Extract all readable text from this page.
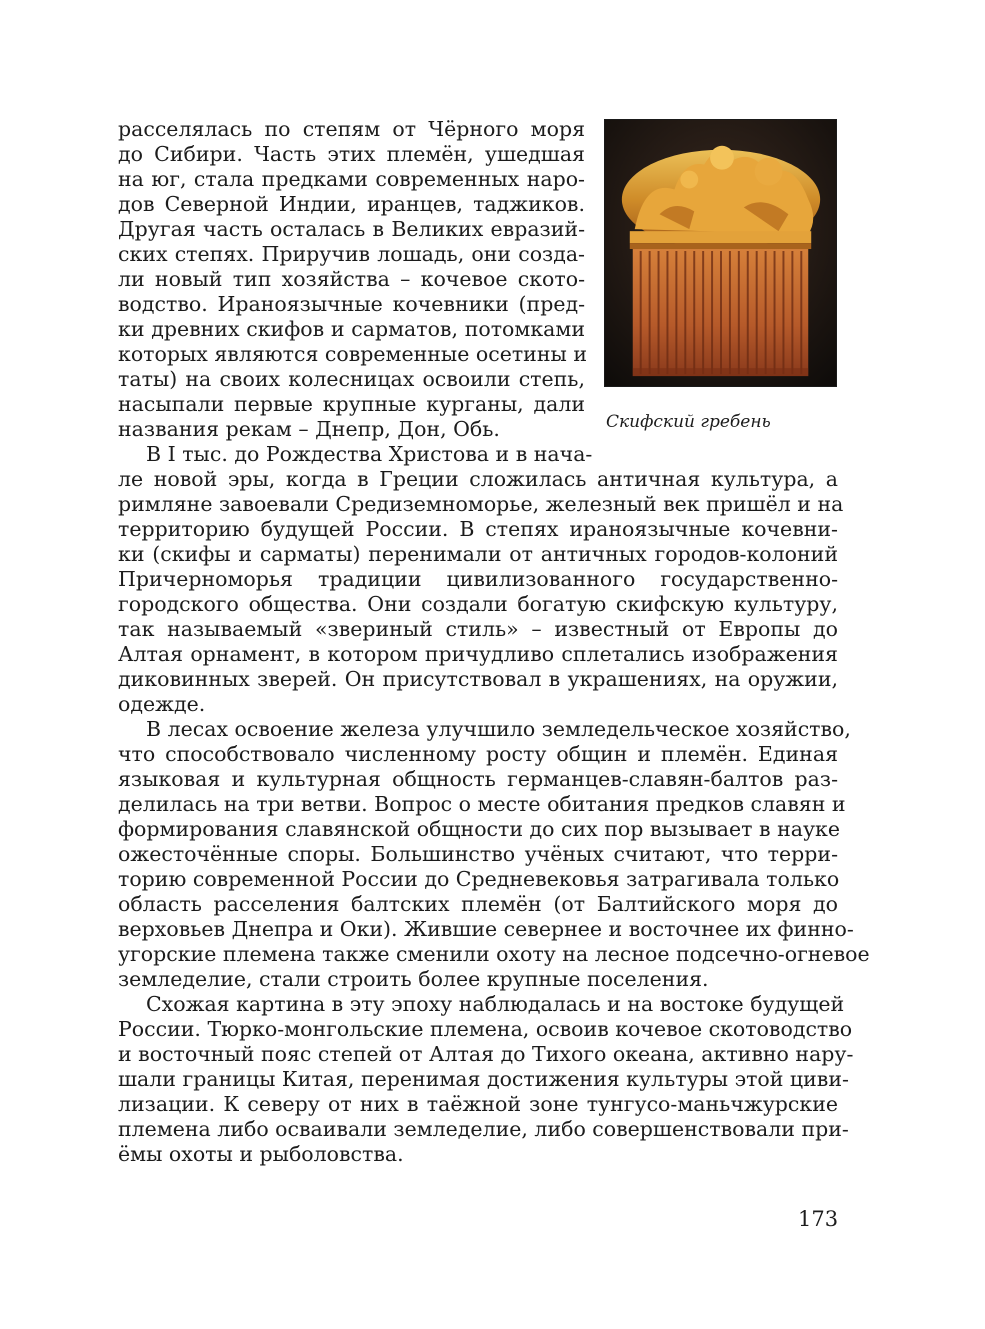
Скифский гребень
расселялась по степям от Чёрного моря
до Сибири. Часть этих племён, ушедшая
на юг, стала предками современных наро-
дов Северной Индии, иранцев, таджиков.
Другая часть осталась в Великих евразий-
ских степях. Приручив лошадь, они созда-
ли новый тип хозяйства – кочевое ското-
водство. Ираноязычные кочевники (пред-
ки древних скифов и сарматов, потомками
которых являются современные осетины и
таты) на своих колесницах освоили степь,
насыпали первые крупные курганы, дали
названия рекам – Днепр, Дон, Обь.
В I тыс. до Рождества Христова и в нача-
ле новой эры, когда в Греции сложилась античная культура, а
римляне завоевали Средиземноморье, железный век пришёл и на
территорию будущей России. В степях ираноязычные кочевни-
ки (скифы и сарматы) перенимали от античных городов-колоний
Причерноморья традиции цивилизованного государственно-
городского общества. Они создали богатую скифскую культуру,
так называемый «звериный стиль» – известный от Европы до
Алтая орнамент, в котором причудливо сплетались изображения
диковинных зверей. Он присутствовал в украшениях, на оружии,
одежде.
В лесах освоение железа улучшило земледельческое хозяйство,
что способствовало численному росту общин и племён. Единая
языковая и культурная общность германцев-славян-балтов раз-
делилась на три ветви. Вопрос о месте обитания предков славян и
формирования славянской общности до сих пор вызывает в науке
ожесточённые споры. Большинство учёных считают, что терри-
торию современной России до Средневековья затрагивала только
область расселения балтских племён (от Балтийского моря до
верховьев Днепра и Оки). Жившие севернее и восточнее их финно-
угорские племена также сменили охоту на лесное подсечно-огневое
земледелие, стали строить более крупные поселения.
Схожая картина в эту эпоху наблюдалась и на востоке будущей
России. Тюрко-монгольские племена, освоив кочевое скотоводство
и восточный пояс степей от Алтая до Тихого океана, активно нару-
шали границы Китая, перенимая достижения культуры этой циви-
лизации. К северу от них в таёжной зоне тунгусо-маньчжурские
племена либо осваивали земледелие, либо совершенствовали при-
ёмы охоты и рыболовства.
173
